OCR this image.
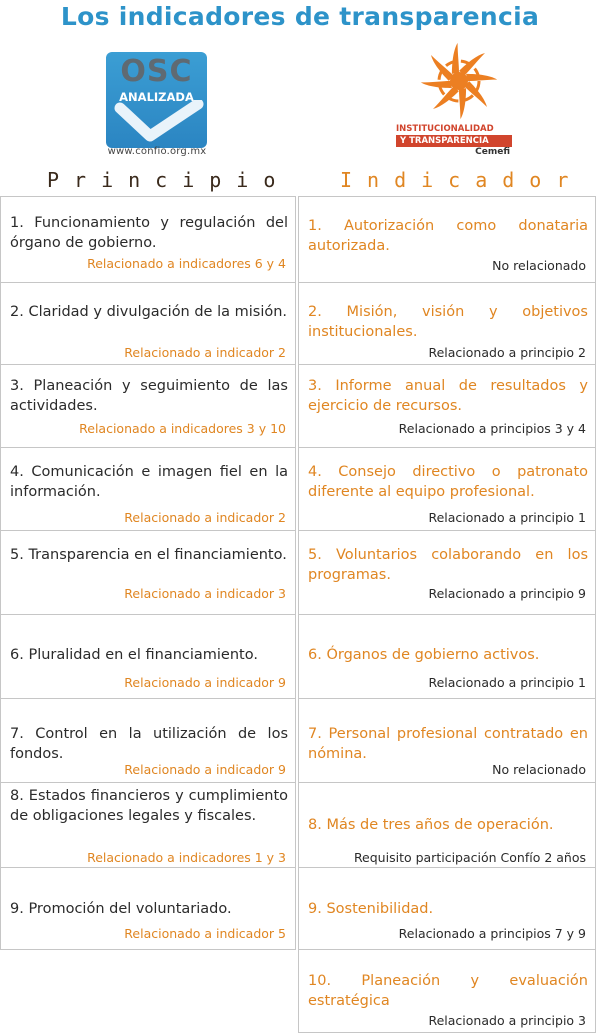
Los indicadores de transparencia
OSC
ANALIZADA
www.confio.org.mx
INSTITUCIONALIDAD
Y TRANSPARENCIA
Cemefi
Principio Indicador
1. Funcionamiento y regulación del órgano de gobierno.
Relacionado a indicadores 6 y 4
2. Claridad y divulgación de la misión.
Relacionado a indicador 2
3. Planeación y seguimiento de las actividades.
Relacionado a indicadores 3 y 10
4. Comunicación e imagen fiel en la información.
Relacionado a indicador 2
5. Transparencia en el financiamiento.
Relacionado a indicador 3
6. Pluralidad en el financiamiento.
Relacionado a indicador 9
7. Control en la utilización de los fondos.
Relacionado a indicador 9
8. Estados financieros y cumplimiento de obligaciones legales y fiscales.
Relacionado a indicadores 1 y 3
9. Promoción del voluntariado.
Relacionado a indicador 5
1. Autorización como donataria autorizada.
No relacionado
2. Misión, visión y objetivos institucionales.
Relacionado a principio 2
3. Informe anual de resultados y ejercicio de recursos.
Relacionado a principios 3 y 4
4. Consejo directivo o patronato diferente al equipo profesional.
Relacionado a principio 1
5. Voluntarios colaborando en los programas.
Relacionado a principio 9
6. Órganos de gobierno activos.
Relacionado a principio 1
7. Personal profesional contratado en nómina.
No relacionado
8. Más de tres años de operación.
Requisito participación Confío 2 años
9. Sostenibilidad.
Relacionado a principios 7 y 9
10. Planeación y evaluación estratégica
Relacionado a principio 3
